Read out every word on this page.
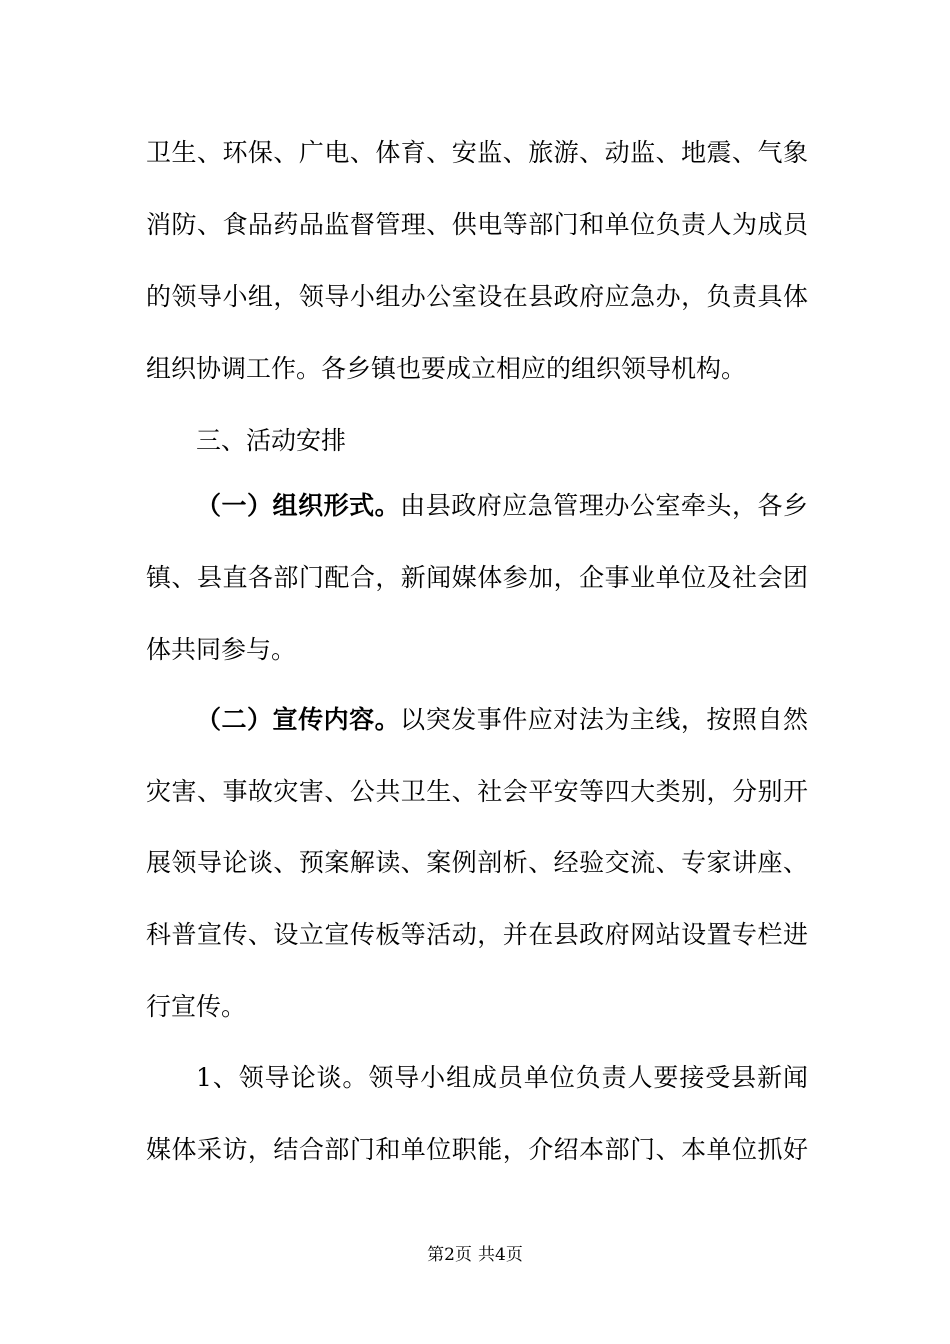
卫生、环保、广电、体育、安监、旅游、动监、地震、气象
消防、食品药品监督管理、供电等部门和单位负责人为成员
的领导小组，领导小组办公室设在县政府应急办，负责具体
组织协调工作。各乡镇也要成立相应的组织领导机构。
三、活动安排
（一）组织形式。由县政府应急管理办公室牵头，各乡
镇、县直各部门配合，新闻媒体参加，企事业单位及社会团
体共同参与。
（二）宣传内容。以突发事件应对法为主线，按照自然
灾害、事故灾害、公共卫生、社会平安等四大类别，分别开
展领导论谈、预案解读、案例剖析、经验交流、专家讲座、
科普宣传、设立宣传板等活动，并在县政府网站设置专栏进
行宣传。
1、领导论谈。领导小组成员单位负责人要接受县新闻
媒体采访，结合部门和单位职能，介绍本部门、本单位抓好
第2页 共4页
